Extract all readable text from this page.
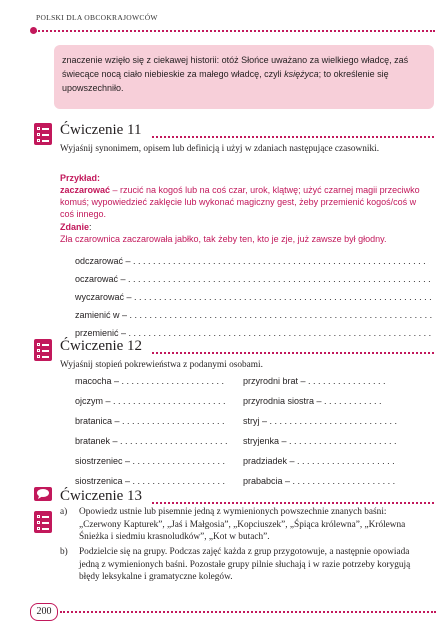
POLSKI DLA OBCOKRAJOWCÓW

znaczenie wzięło się z ciekawej historii: otóż Słońce uważano za wielkiego władcę, zaś świecące nocą ciało niebieskie za małego władcę, czyli księżyca; to określenie się upowszechniło.

Ćwiczenie 11
Wyjaśnij synonimem, opisem lub definicją i użyj w zdaniach następujące czasowniki.
Przykład:
zaczarować – rzucić na kogoś lub na coś czar, urok, klątwę; użyć czarnej magii przeciwko komuś; wypowiedzieć zaklęcie lub wykonać magiczny gest, żeby przemienić kogoś/coś w coś innego.
Zdanie:
Zła czarownica zaczarowała jabłko, tak żeby ten, kto je zje, już zawsze był głodny.
odczarować – . . . . . . . . . . . . . . . . . . . . . . . . . . . . . . . . . . . . . . . . . . . . . . . . . . . . . . . . . . .
oczarować – . . . . . . . . . . . . . . . . . . . . . . . . . . . . . . . . . . . . . . . . . . . . . . . . . . . . . . . . . . . . .
wyczarować – . . . . . . . . . . . . . . . . . . . . . . . . . . . . . . . . . . . . . . . . . . . . . . . . . . . . . . . . . . . .
zamienić w – . . . . . . . . . . . . . . . . . . . . . . . . . . . . . . . . . . . . . . . . . . . . . . . . . . . . . . . . . . . . .
przemienić – . . . . . . . . . . . . . . . . . . . . . . . . . . . . . . . . . . . . . . . . . . . . . . . . . . . . . . . . . . . . .
Ćwiczenie 12
Wyjaśnij stopień pokrewieństwa z podanymi osobami.
macocha – . . . . . . . . . . . . . . . . . . . . .
ojczym – . . . . . . . . . . . . . . . . . . . . . . .
bratanica – . . . . . . . . . . . . . . . . . . . . .
bratanek – . . . . . . . . . . . . . . . . . . . . . .
siostrzeniec – . . . . . . . . . . . . . . . . . . .
siostrzenica – . . . . . . . . . . . . . . . . . . .
przyrodni brat – . . . . . . . . . . . . . . . .
przyrodnia siostra – . . . . . . . . . . . .
stryj – . . . . . . . . . . . . . . . . . . . . . . . . . .
stryjenka – . . . . . . . . . . . . . . . . . . . . . .
pradziadek – . . . . . . . . . . . . . . . . . . . .
prababcia – . . . . . . . . . . . . . . . . . . . . .
Ćwiczenie 13
a) Opowiedz ustnie lub pisemnie jedną z wymienionych powszechnie znanych baśni: „Czerwony Kapturek”, „Jaś i Małgosia”, „Kopciuszek”, „Śpiąca królewna”, „Królewna Śnieżka i siedmiu krasnoludków”, „Kot w butach”.
b) Podzielcie się na grupy. Podczas zajęć każda z grup przygotowuje, a następnie opowiada jedną z wymienionych baśni. Pozostałe grupy pilnie słuchają i w razie potrzeby korygują błędy leksykalne i gramatyczne kolegów.
200
